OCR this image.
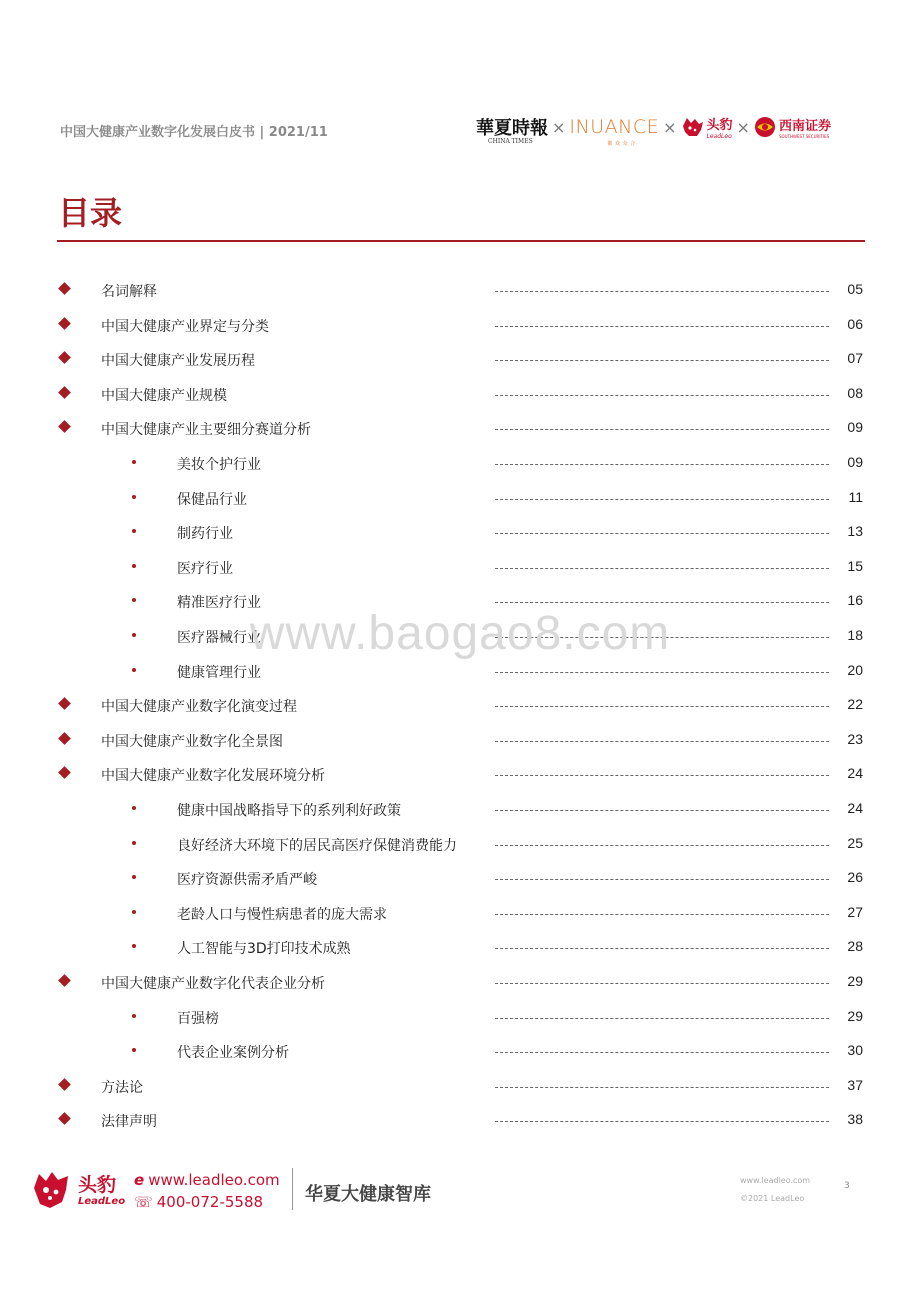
中国大健康产业数字化发展白皮书 | 2021/11	華夏時報
CHINA TIMES
× INUANCE
徽 众 众 合
× 头豹
LeadLeo × 西南证券
SOUTHWEST SECURITIES
目录
名词解释	05
中国大健康产业界定与分类	06
中国大健康产业发展历程	07
中国大健康产业规模	08
中国大健康产业主要细分赛道分析	09
美妆个护行业	09
保健品行业	11
制药行业	13
医疗行业	15
精准医疗行业	16
医疗器械行业	18
健康管理行业	20
中国大健康产业数字化演变过程	22
中国大健康产业数字化全景图	23
中国大健康产业数字化发展环境分析	24
健康中国战略指导下的系列利好政策	24
良好经济大环境下的居民高医疗保健消费能力	25
医疗资源供需矛盾严峻	26
老龄人口与慢性病患者的庞大需求	27
人工智能与3D打印技术成熟	28
中国大健康产业数字化代表企业分析	29
百强榜	29
代表企业案例分析	30
方法论	37
法律声明	38
www.baogao8.com
头豹
LeadLeo
e www.leadleo.com
☏ 400-072-5588 华夏大健康智库
www.leadleo.com
©2021 LeadLeo
3
